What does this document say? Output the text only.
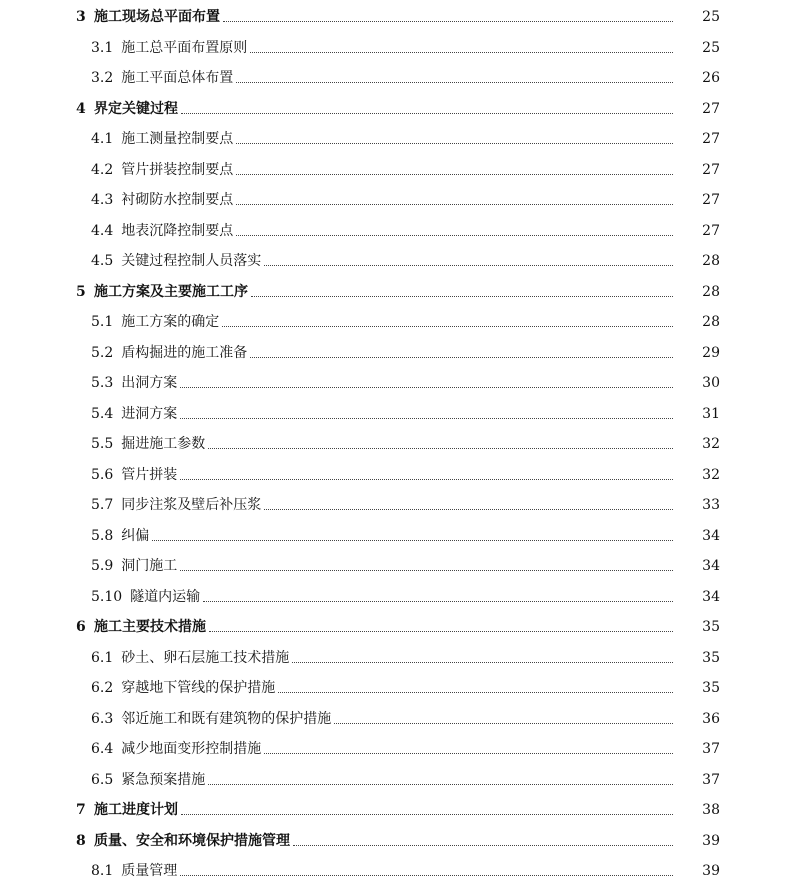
3 施工现场总平面布置	25
3.1 施工总平面布置原则	25
3.2 施工平面总体布置	26
4 界定关键过程	27
4.1 施工测量控制要点	27
4.2 管片拼装控制要点	27
4.3 衬砌防水控制要点	27
4.4 地表沉降控制要点	27
4.5 关键过程控制人员落实	28
5 施工方案及主要施工工序	28
5.1 施工方案的确定	28
5.2 盾构掘进的施工准备	29
5.3 出洞方案	30
5.4 进洞方案	31
5.5 掘进施工参数	32
5.6 管片拼装	32
5.7 同步注浆及壁后补压浆	33
5.8 纠偏	34
5.9 洞门施工	34
5.10 隧道内运输	34
6 施工主要技术措施	35
6.1 砂土、卵石层施工技术措施	35
6.2 穿越地下管线的保护措施	35
6.3 邻近施工和既有建筑物的保护措施	36
6.4 减少地面变形控制措施	37
6.5 紧急预案措施	37
7 施工进度计划	38
8 质量、安全和环境保护措施管理	39
8.1 质量管理	39
